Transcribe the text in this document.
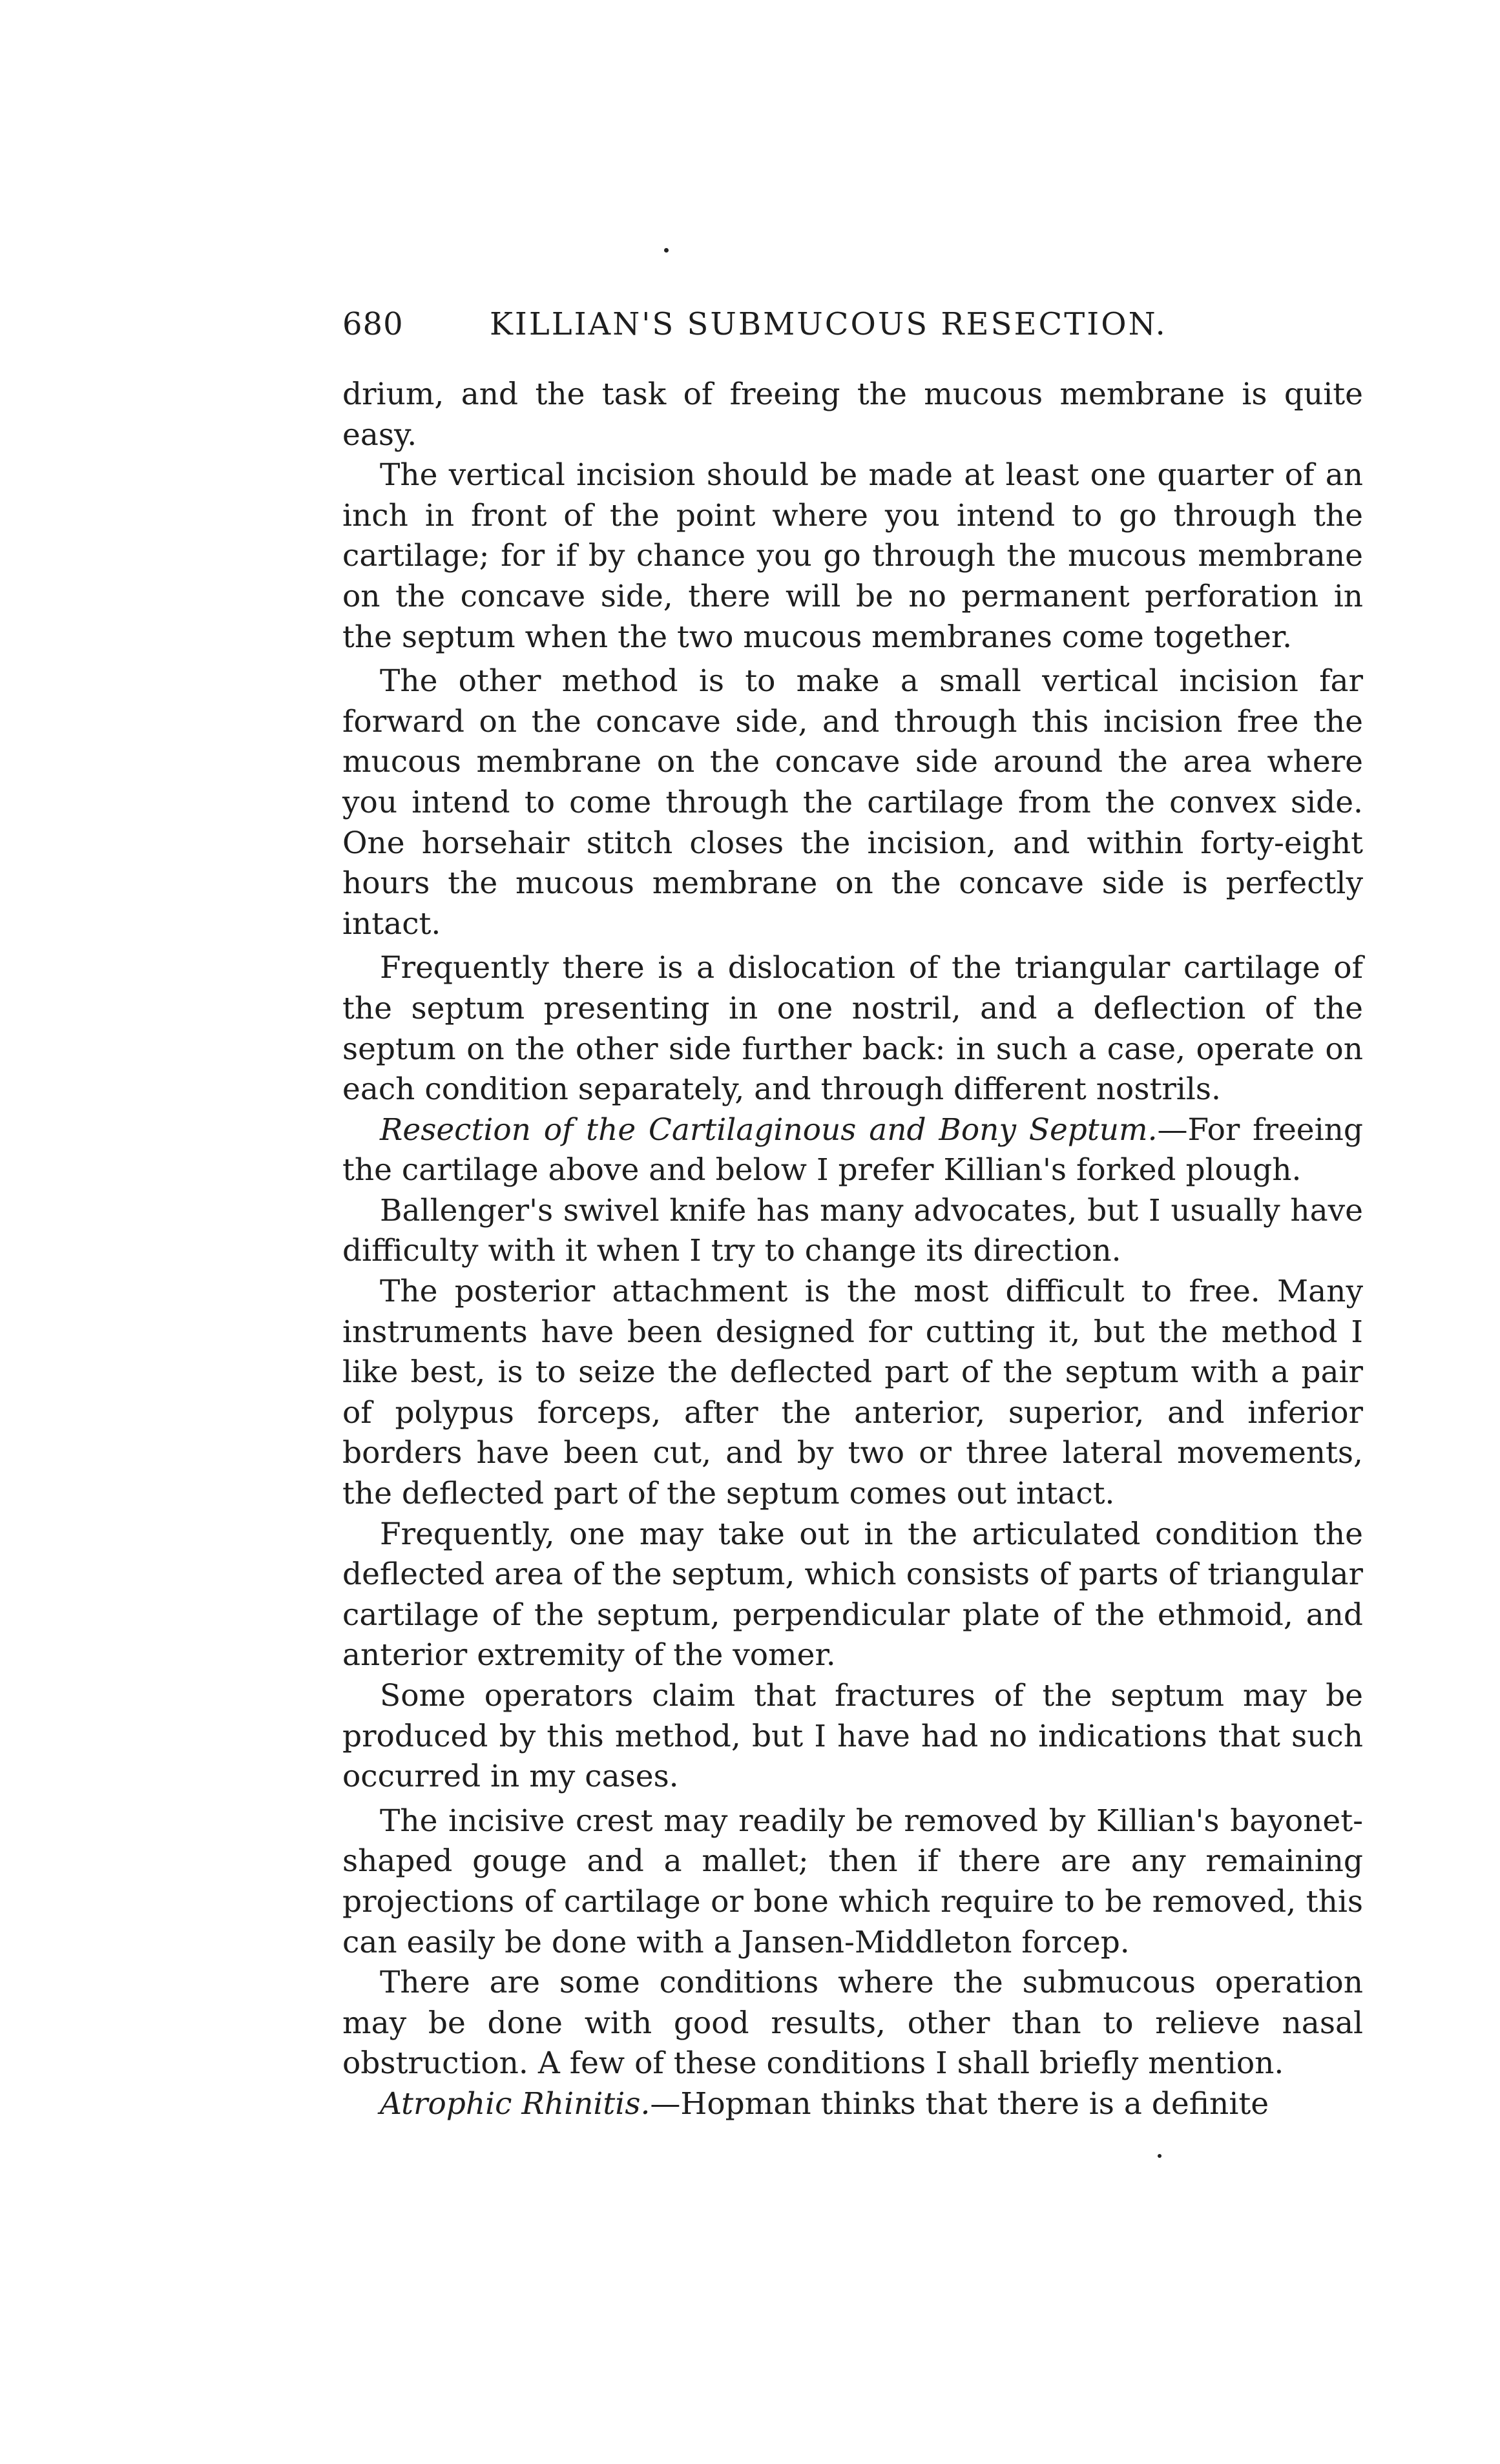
680	KILLIAN'S SUBMUCOUS RESECTION.

drium, and the task of freeing the mucous membrane is quite easy.

The vertical incision should be made at least one quarter of an inch in front of the point where you intend to go through the cartilage; for if by chance you go through the mucous membrane on the concave side, there will be no permanent perforation in the septum when the two mucous membranes come together.

The other method is to make a small vertical incision far forward on the concave side, and through this incision free the mucous membrane on the concave side around the area where you intend to come through the cartilage from the convex side. One horsehair stitch closes the incision, and within forty-eight hours the mucous membrane on the concave side is perfectly intact.

Frequently there is a dislocation of the triangular cartilage of the septum presenting in one nostril, and a deflection of the septum on the other side further back: in such a case, operate on each condition separately, and through different nostrils.

Resection of the Cartilaginous and Bony Septum.—For freeing the cartilage above and below I prefer Killian's forked plough.

Ballenger's swivel knife has many advocates, but I usually have difficulty with it when I try to change its direction.

The posterior attachment is the most difficult to free. Many instruments have been designed for cutting it, but the method I like best, is to seize the deflected part of the septum with a pair of polypus forceps, after the anterior, superior, and inferior borders have been cut, and by two or three lateral movements, the deflected part of the septum comes out intact.

Frequently, one may take out in the articulated condition the deflected area of the septum, which consists of parts of triangular cartilage of the septum, perpendicular plate of the ethmoid, and anterior extremity of the vomer.

Some operators claim that fractures of the septum may be produced by this method, but I have had no indications that such occurred in my cases.

The incisive crest may readily be removed by Killian's bayonet-shaped gouge and a mallet; then if there are any remaining projections of cartilage or bone which require to be removed, this can easily be done with a Jansen-Middleton forcep.

There are some conditions where the submucous operation may be done with good results, other than to relieve nasal obstruction. A few of these conditions I shall briefly mention.

Atrophic Rhinitis.—Hopman thinks that there is a definite
